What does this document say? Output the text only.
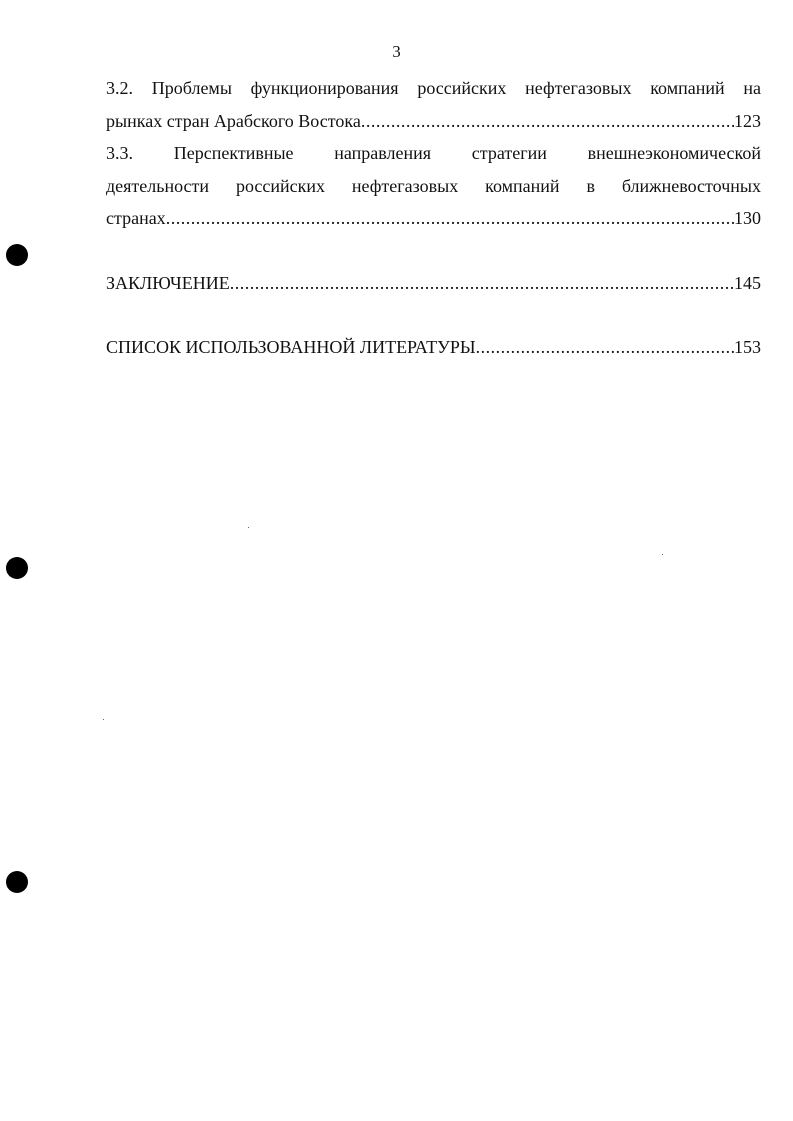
3
3.2. Проблемы функционирования российских нефтегазовых компаний на
рынках стран Арабского Востока .....	123
3.3. Перспективные направления стратегии внешнеэкономической
деятельности российских нефтегазовых компаний в ближневосточных
странах .....	130
ЗАКЛЮЧЕНИЕ .....	145
СПИСОК ИСПОЛЬЗОВАННОЙ ЛИТЕРАТУРЫ .....	153
